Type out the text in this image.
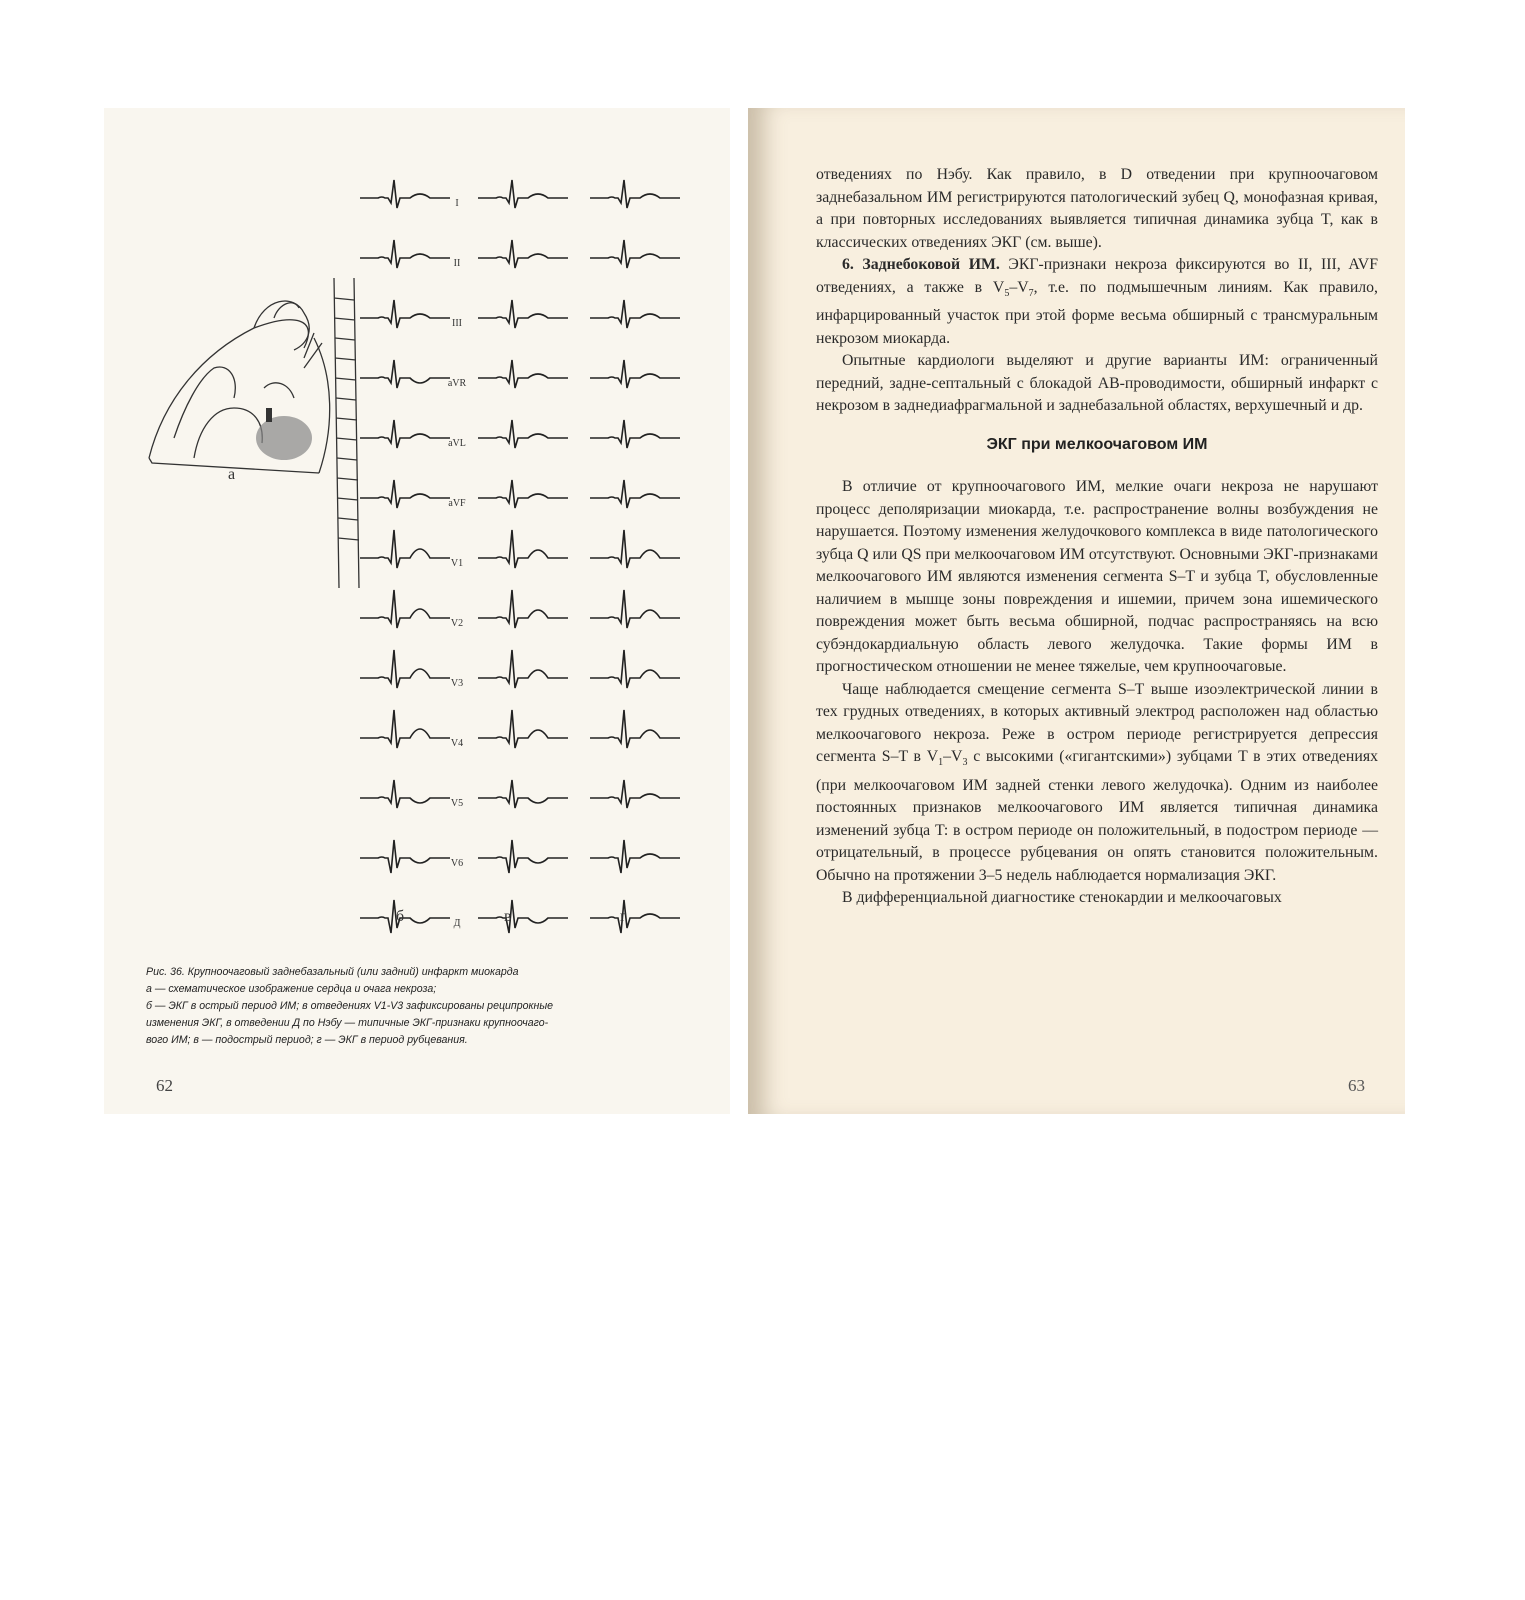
а
I
II
III
aVR
aVL
aVF
V1
V2
V3
V4
V5
V6
Д
б	в	г

Рис. 36. Крупноочаговый заднебазальный (или задний) инфаркт миокарда

а — схематическое изображение сердца и очага некроза;

б — ЭКГ в острый период ИМ; в отведениях V1-V3 зафиксированы реципрокные

изменения ЭКГ, в отведении Д по Нэбу — типичные ЭКГ-признаки крупноочаго-

вого ИМ; в — подострый период; г — ЭКГ в период рубцевания.

62

отведениях по Нэбу. Как правило, в D отведении при крупноочаговом заднебазальном ИМ регистрируются патологический зубец Q, монофазная кривая, а при повторных исследованиях выявляется типичная динамика зубца T, как в классических отведениях ЭКГ (см. выше).

6. Заднебоковой ИМ. ЭКГ-признаки некроза фиксируются во II, III, AVF отведениях, а также в $V_5-V_7$, т.е. по подмышечным линиям. Как правило, инфарцированный участок при этой форме весьма обширный с трансмуральным некрозом миокарда.

Опытные кардиологи выделяют и другие варианты ИМ: ограниченный передний, задне-септальный с блокадой АВ-проводимости, обширный инфаркт с некрозом в заднедиафрагмальной и заднебазальной областях, верхушечный и др.

ЭКГ при мелкоочаговом ИМ

В отличие от крупноочагового ИМ, мелкие очаги некроза не нарушают процесс деполяризации миокарда, т.е. распространение волны возбуждения не нарушается. Поэтому изменения желудочкового комплекса в виде патологического зубца Q или QS при мелкоочаговом ИМ отсутствуют. Основными ЭКГ-признаками мелкоочагового ИМ являются изменения сегмента S–T и зубца T, обусловленные наличием в мышце зоны повреждения и ишемии, причем зона ишемического повреждения может быть весьма обширной, подчас распространяясь на всю субэндокардиальную область левого желудочка. Такие формы ИМ в прогностическом отношении не менее тяжелые, чем крупноочаговые.

Чаще наблюдается смещение сегмента S–T выше изоэлектрической линии в тех грудных отведениях, в которых активный электрод расположен над областью мелкоочагового некроза. Реже в остром периоде регистрируется депрессия сегмента S–T в $V_1-V_3$ с высокими («гигантскими») зубцами T в этих отведениях (при мелкоочаговом ИМ задней стенки левого желудочка). Одним из наиболее постоянных признаков мелкоочагового ИМ является типичная динамика изменений зубца T: в остром периоде он положительный, в подостром периоде — отрицательный, в процессе рубцевания он опять становится положительным. Обычно на протяжении 3–5 недель наблюдается нормализация ЭКГ.

В дифференциальной диагностике стенокардии и мелкоочаговых

63
